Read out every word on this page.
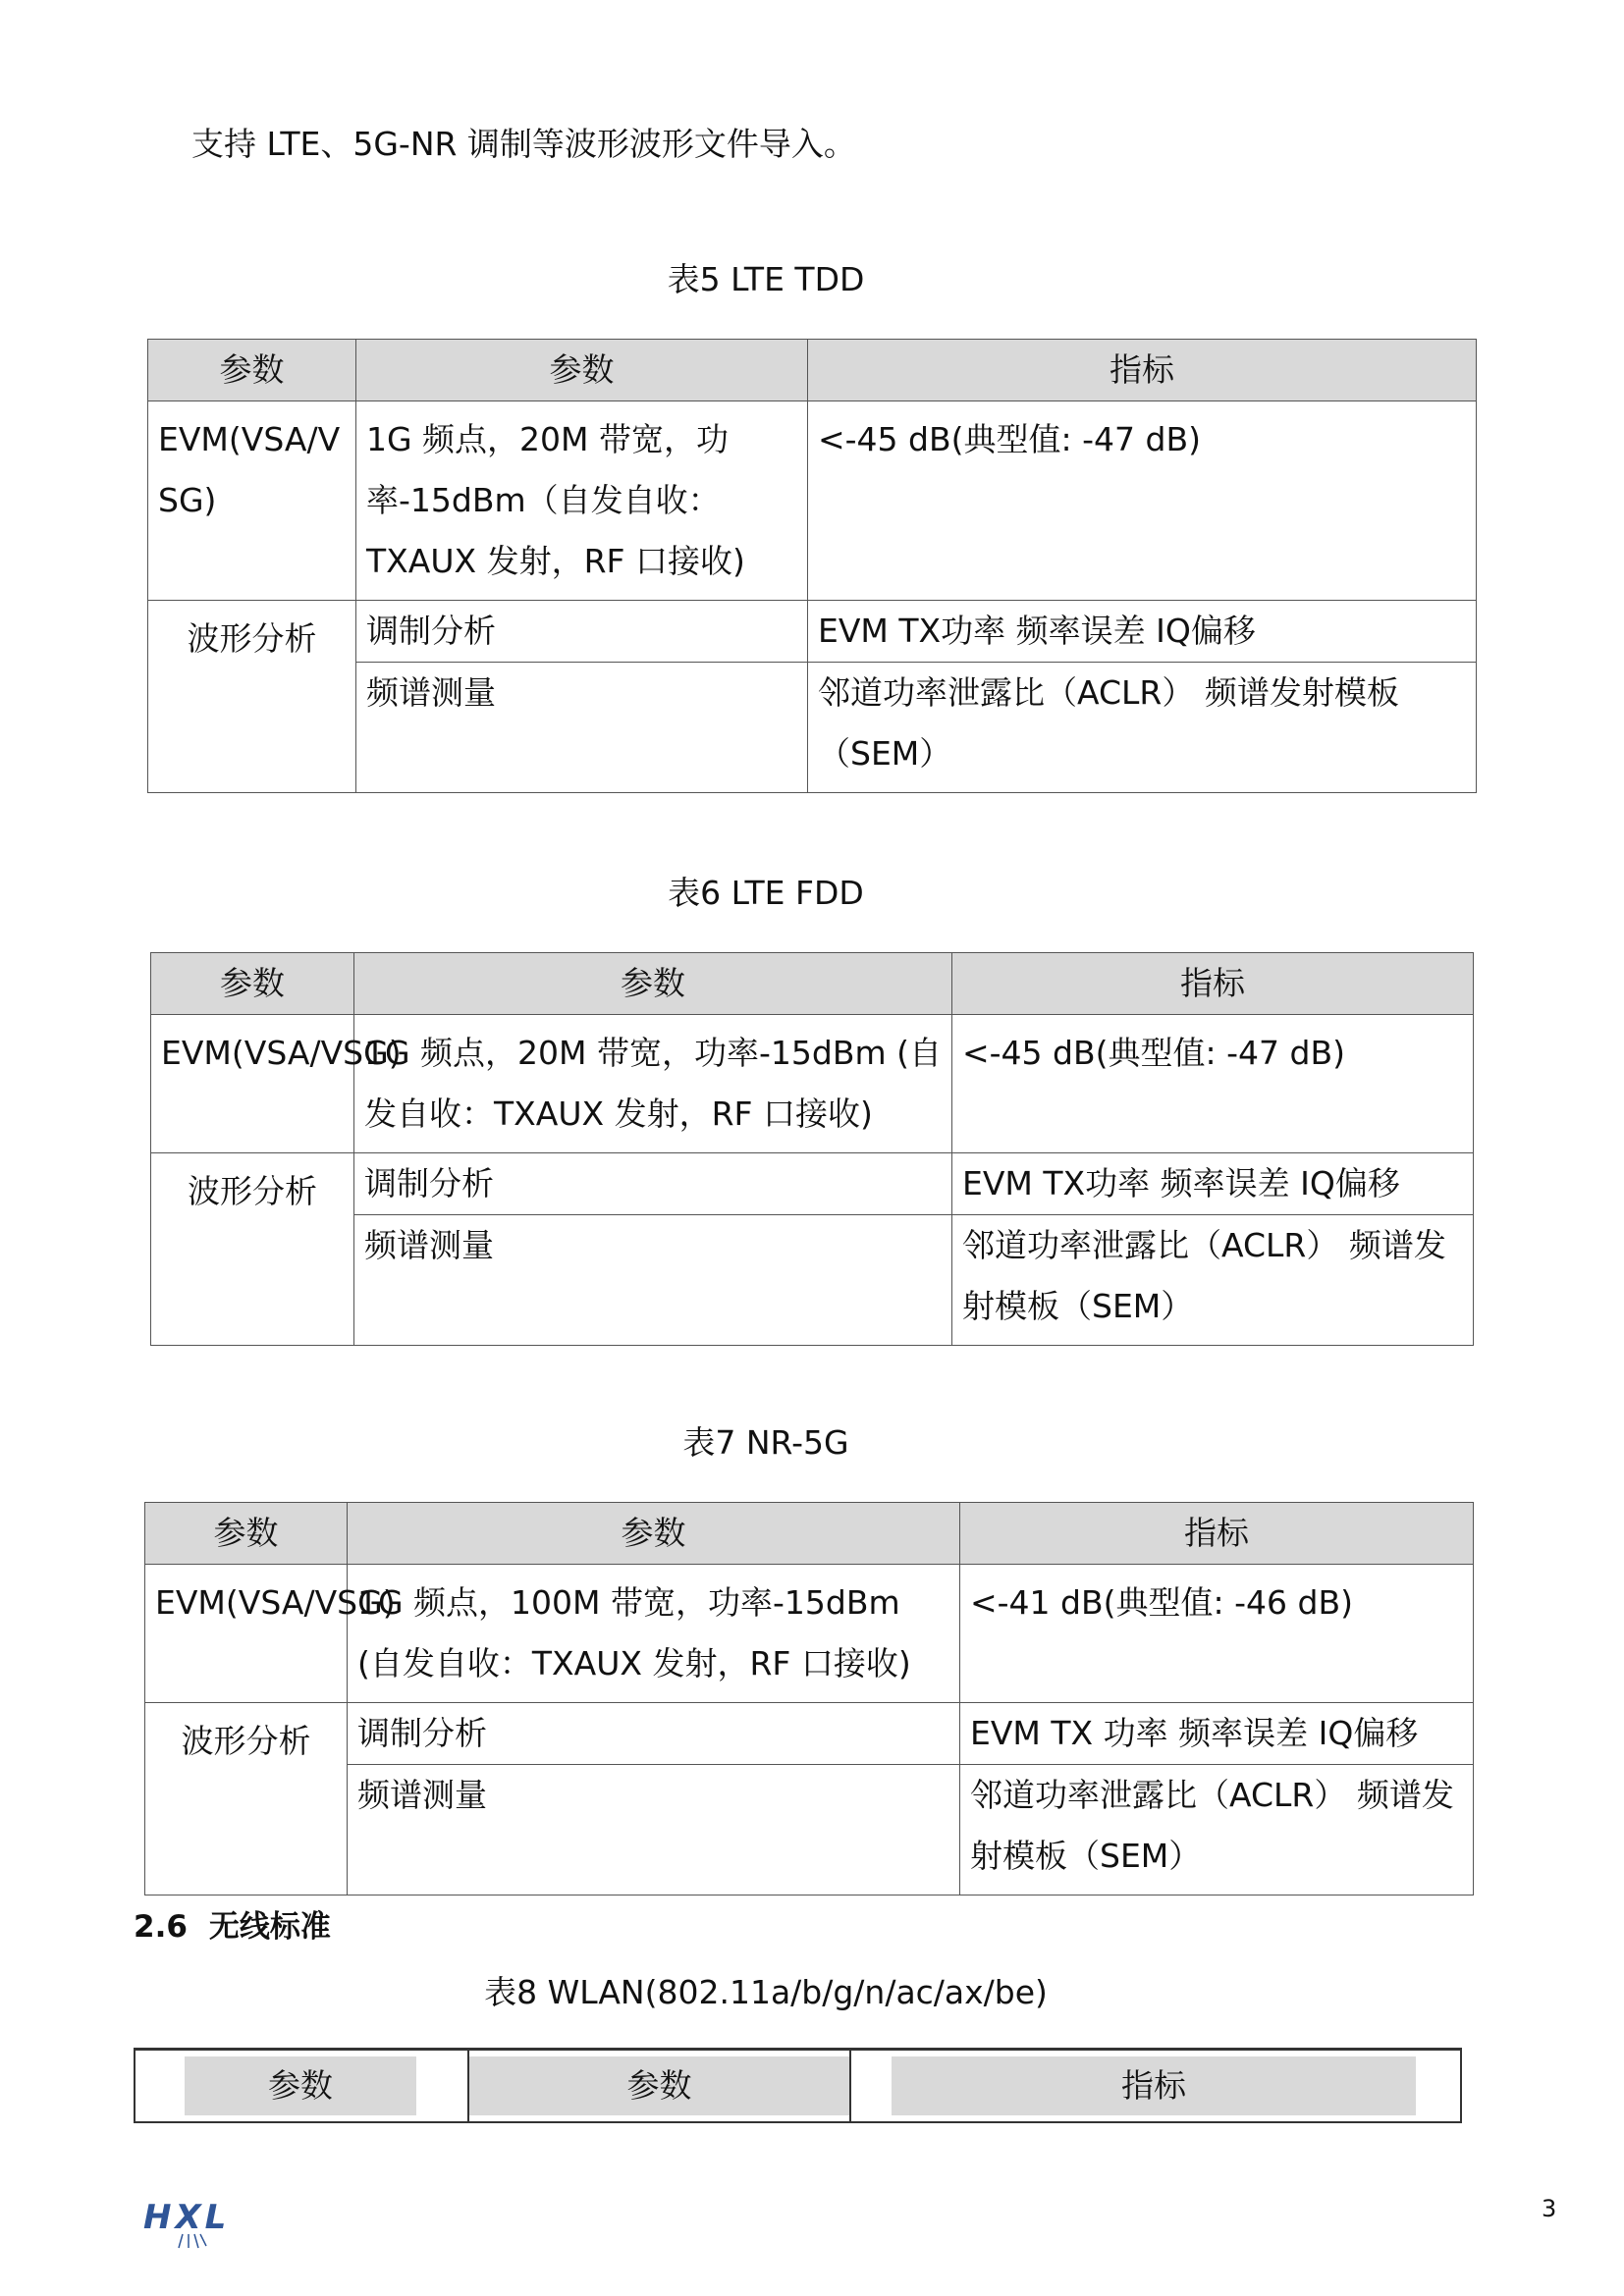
支持 LTE、5G-NR 调制等波形波形文件导入。
表5 LTE TDD
参数	参数	指标
EVM(VSA/VSG)	1G 频点，20M 带宽，功率-15dBm（自发自收：TXAUX 发射，RF 口接收)	<-45 dB(典型值: -47 dB)
波形分析	调制分析	EVM TX功率 频率误差 IQ偏移
	频谱测量	邻道功率泄露比（ACLR） 频谱发射模板（SEM）
表6 LTE FDD
参数	参数	指标
EVM(VSA/VSG)	1G 频点，20M 带宽，功率-15dBm (自发自收：TXAUX 发射，RF 口接收)	<-45 dB(典型值: -47 dB)
波形分析	调制分析	EVM TX功率 频率误差 IQ偏移
	频谱测量	邻道功率泄露比（ACLR） 频谱发射模板（SEM）
表7 NR-5G
参数	参数	指标
EVM(VSA/VSG)	1G 频点，100M 带宽，功率-15dBm (自发自收：TXAUX 发射，RF 口接收)	<-41 dB(典型值: -46 dB)
波形分析	调制分析	EVM TX 功率 频率误差 IQ偏移
	频谱测量	邻道功率泄露比（ACLR） 频谱发射模板（SEM）
2.6 无线标准
表8 WLAN(802.11a/b/g/n/ac/ax/be)
参数	参数	指标
HXL	3
